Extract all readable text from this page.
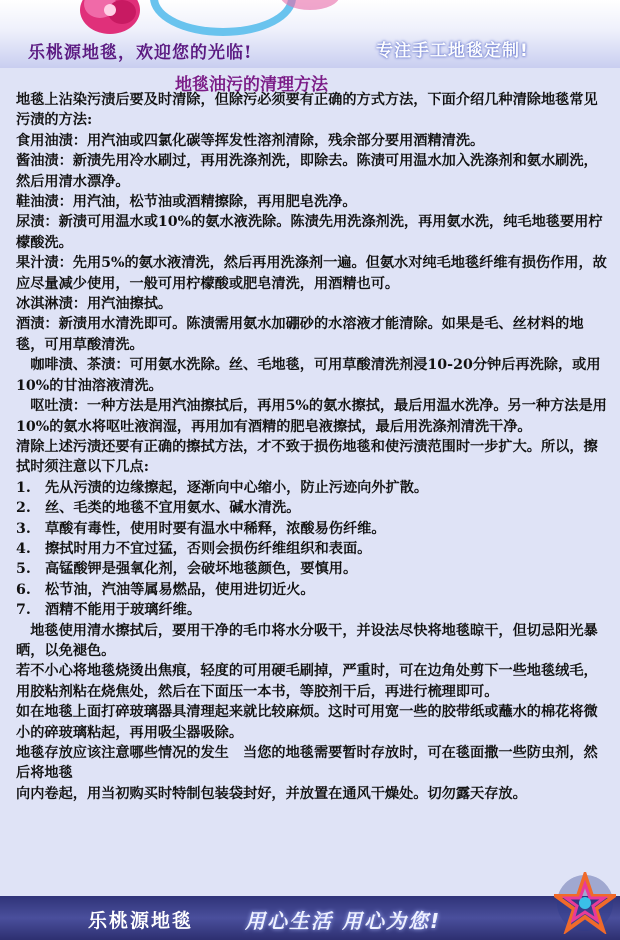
乐桃源地毯，欢迎您的光临!	专注手工地毯定制!
地毯油污的清理方法

地毯上沾染污渍后要及时清除，但除污必须要有正确的方式方法，下面介绍几种清除地毯常见污渍的方法:

食用油渍：用汽油或四氯化碳等挥发性溶剂清除，残余部分要用酒精清洗。

酱油渍：新渍先用冷水刷过，再用洗涤剂洗，即除去。陈渍可用温水加入洗涤剂和氨水刷洗，然后用清水漂净。

鞋油渍：用汽油，松节油或酒精擦除，再用肥皂洗净。

尿渍：新渍可用温水或10%的氨水液洗除。陈渍先用洗涤剂洗，再用氨水洗，纯毛地毯要用柠檬酸洗。

果汁渍：先用5%的氨水液清洗，然后再用洗涤剂一遍。但氨水对纯毛地毯纤维有损伤作用，故应尽量减少使用，一般可用柠檬酸或肥皂清洗，用酒精也可。

冰淇淋渍：用汽油擦拭。

酒渍：新渍用水清洗即可。陈渍需用氨水加硼砂的水溶液才能清除。如果是毛、丝材料的地毯，可用草酸清洗。

　咖啡渍、茶渍：可用氨水洗除。丝、毛地毯，可用草酸清洗剂浸10-20分钟后再洗除，或用10%的甘油溶液清洗。

　呕吐渍：一种方法是用汽油擦拭后，再用5%的氨水擦拭，最后用温水洗净。另一种方法是用10%的氨水将呕吐液润湿，再用加有酒精的肥皂液擦拭，最后用洗涤剂清洗干净。

清除上述污渍还要有正确的擦拭方法，才不致于损伤地毯和使污渍范围时一步扩大。所以，擦拭时须注意以下几点:

1.　先从污渍的边缘擦起，逐渐向中心缩小，防止污迹向外扩散。

2.　丝、毛类的地毯不宜用氨水、碱水清洗。

3.　草酸有毒性，使用时要有温水中稀释，浓酸易伤纤维。

4.　擦拭时用力不宜过猛，否则会损伤纤维组织和表面。

5.　高锰酸钾是强氧化剂，会破坏地毯颜色，要慎用。

6.　松节油，汽油等属易燃品，使用进切近火。

7.　酒精不能用于玻璃纤维。

　地毯使用清水擦拭后，要用干净的毛巾将水分吸干，并设法尽快将地毯晾干，但切忌阳光暴晒，以免褪色。

若不小心将地毯烧烫出焦痕，轻度的可用硬毛刷掉，严重时，可在边角处剪下一些地毯绒毛，用胶粘剂粘在烧焦处，然后在下面压一本书，等胶剂干后，再进行梳理即可。

如在地毯上面打碎玻璃器具清理起来就比较麻烦。这时可用宽一些的胶带纸或蘸水的棉花将微小的碎玻璃粘起，再用吸尘器吸除。

地毯存放应该注意哪些情况的发生　当您的地毯需要暂时存放时，可在毯面撒一些防虫剂，然后将地毯

向内卷起，用当初购买时特制包装袋封好，并放置在通风干燥处。切勿露天存放。

乐桃源地毯	用心生活 用心为您!
